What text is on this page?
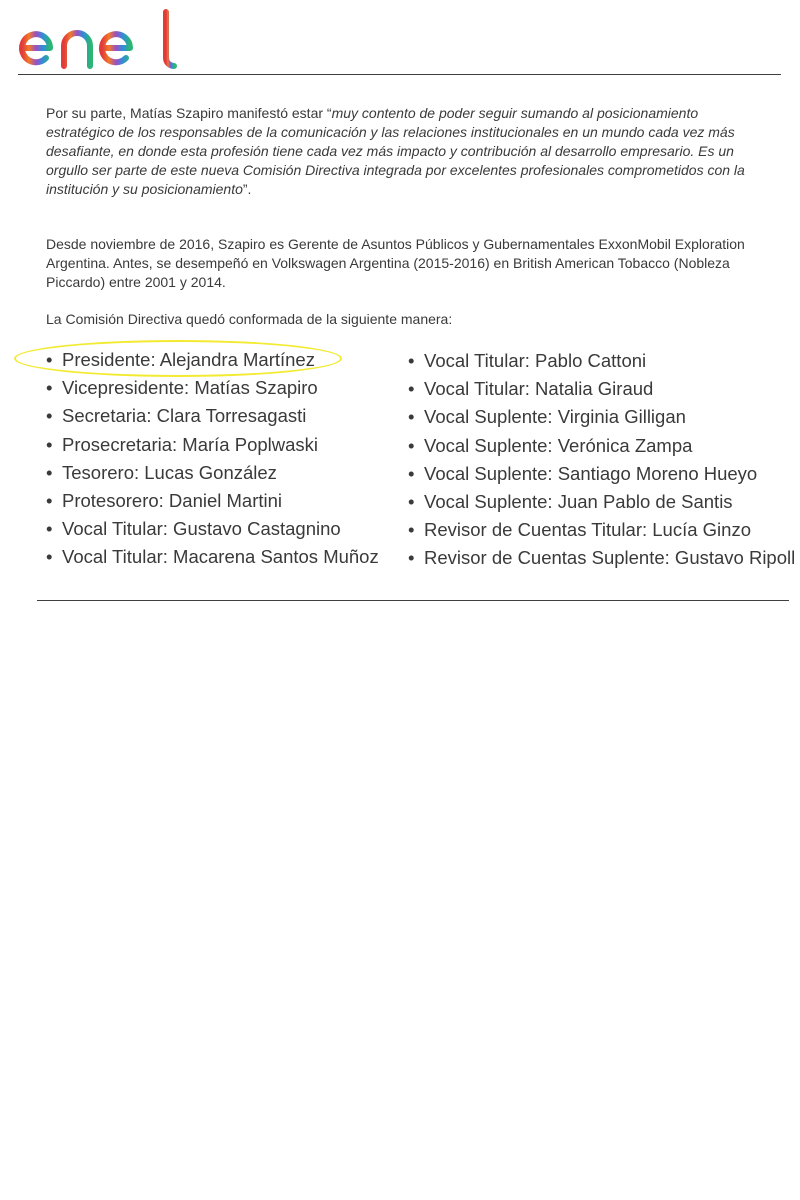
Por su parte, Matías Szapiro manifestó estar “muy contento de poder seguir sumando al posicionamiento estratégico de los responsables de la comunicación y las relaciones institucionales en un mundo cada vez más desafiante, en donde esta profesión tiene cada vez más impacto y contribución al desarrollo empresario. Es un orgullo ser parte de este nueva Comisión Directiva integrada por excelentes profesionales comprometidos con la institución y su posicionamiento”.

Desde noviembre de 2016, Szapiro es Gerente de Asuntos Públicos y Gubernamentales ExxonMobil Exploration Argentina. Antes, se desempeñó en Volkswagen Argentina (2015-2016) en British American Tobacco (Nobleza Piccardo) entre 2001 y 2014.

La Comisión Directiva quedó conformada de la siguiente manera:

• Presidente: Alejandra Martínez
• Vicepresidente: Matías Szapiro
• Secretaria: Clara Torresagasti
• Prosecretaria: María Poplwaski
• Tesorero: Lucas González
• Protesorero: Daniel Martini
• Vocal Titular: Gustavo Castagnino
• Vocal Titular: Macarena Santos Muñoz
• Vocal Titular: Pablo Cattoni
• Vocal Titular: Natalia Giraud
• Vocal Suplente: Virginia Gilligan
• Vocal Suplente: Verónica Zampa
• Vocal Suplente: Santiago Moreno Hueyo
• Vocal Suplente: Juan Pablo de Santis
• Revisor de Cuentas Titular: Lucía Ginzo
• Revisor de Cuentas Suplente: Gustavo Ripoll
